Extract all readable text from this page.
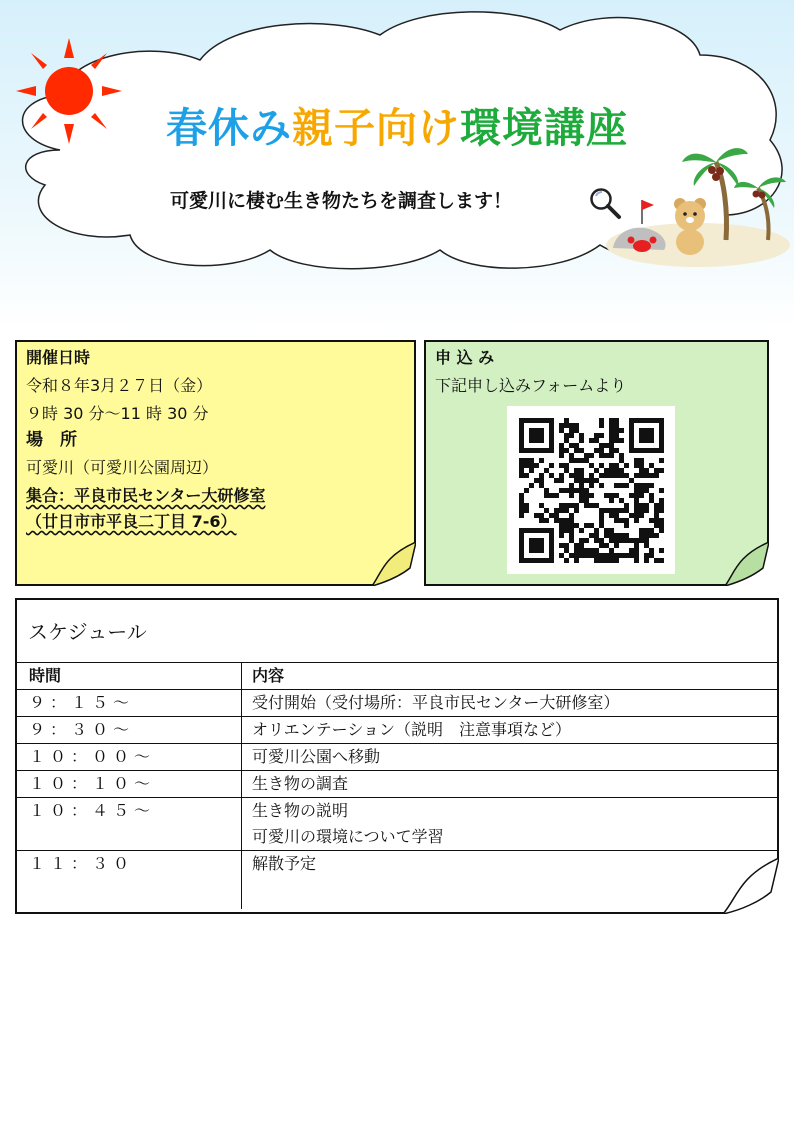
春休み親子向け環境講座
可愛川に棲む生き物たちを調査します！
開催日時
令和８年3月２７日（金）
９時 30 分～11 時 30 分
場　所
可愛川（可愛川公園周辺）
集合：平良市民センター大研修室
（廿日市市平良二丁目 7-6）
申 込 み
下記申し込みフォームより
スケジュール
時間	内容
９：１５～	受付開始（受付場所：平良市民センター大研修室）

９：３０～	オリエンテーション（説明　注意事項など）

１０：００～	可愛川公園へ移動

１０：１０～	生き物の調査

１０：４５～	生き物の説明
可愛川の環境について学習

１１：３０	解散予定
